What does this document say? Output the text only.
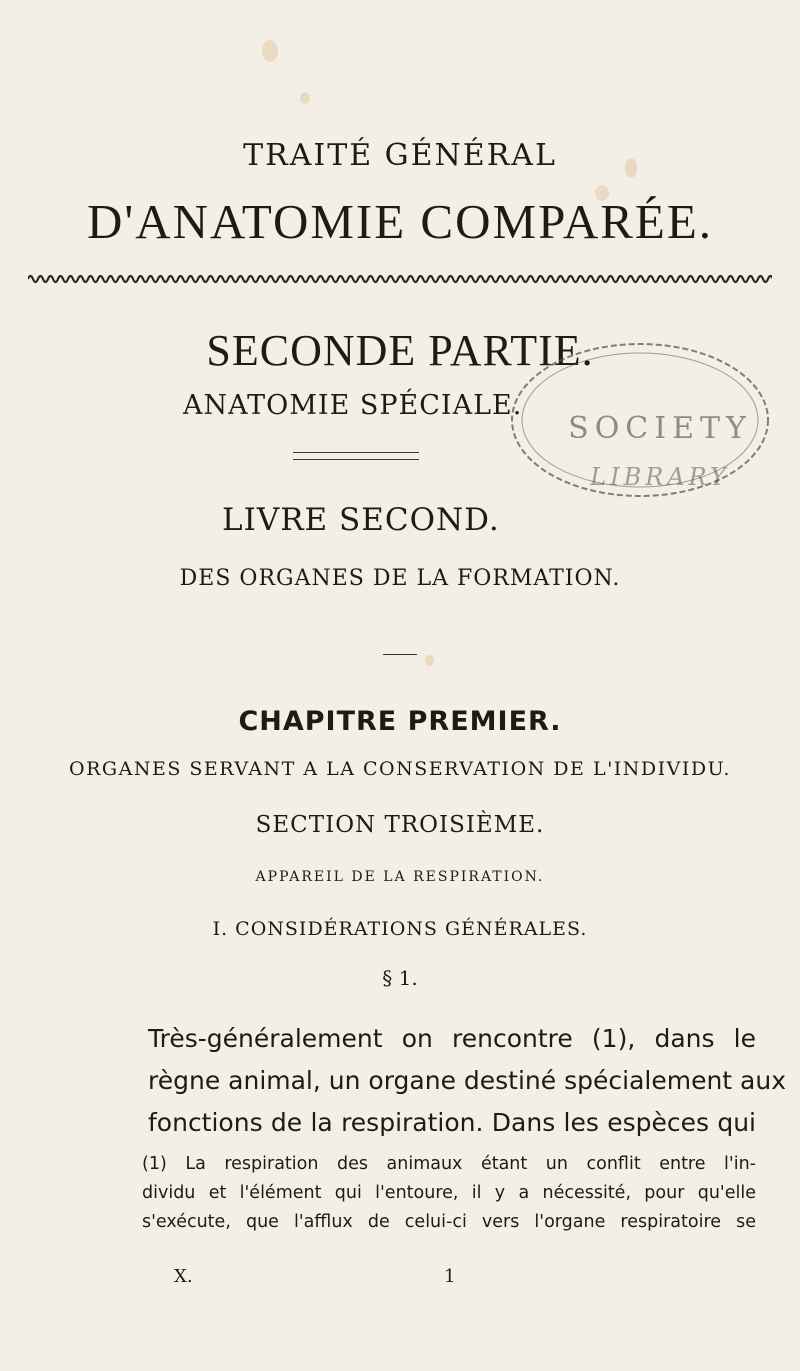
TRAITÉ GÉNÉRAL
D'ANATOMIE COMPARÉE.
SECONDE PARTIE.
ANATOMIE SPÉCIALE.
LIVRE SECOND.
DES ORGANES DE LA FORMATION.
CHAPITRE PREMIER.
ORGANES SERVANT A LA CONSERVATION DE L'INDIVIDU.
SECTION TROISIÈME.
APPAREIL DE LA RESPIRATION.
I. CONSIDÉRATIONS GÉNÉRALES.
§ 1.
Très-généralement on rencontre (1), dans le
règne animal, un organe destiné spécialement aux
fonctions de la respiration. Dans les espèces qui
(1) La respiration des animaux étant un conflit entre l'in-
dividu et l'élément qui l'entoure, il y a nécessité, pour qu'elle
s'exécute, que l'afflux de celui-ci vers l'organe respiratoire se
X.	1
SOCIETY
LIBRARY
